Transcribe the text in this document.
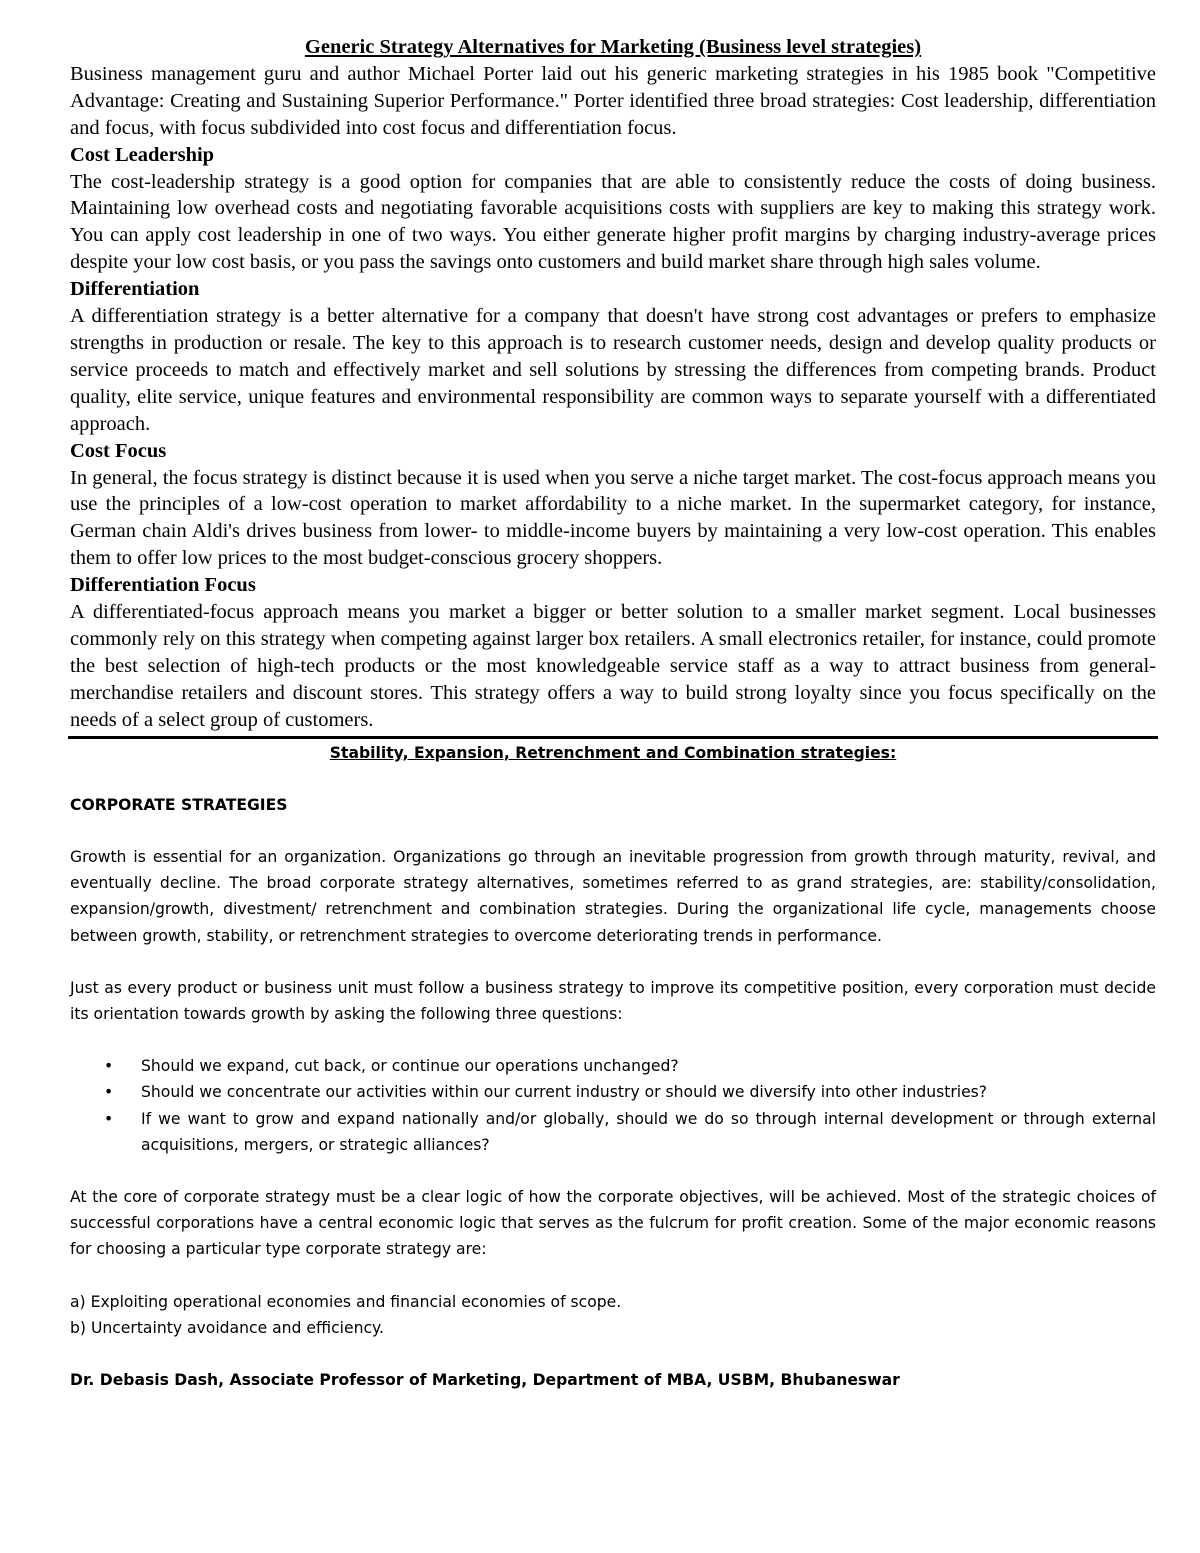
Generic Strategy Alternatives for Marketing (Business level strategies)

Business management guru and author Michael Porter laid out his generic marketing strategies in his 1985 book "Competitive Advantage: Creating and Sustaining Superior Performance." Porter identified three broad strategies: Cost leadership, differentiation and focus, with focus subdivided into cost focus and differentiation focus.

Cost Leadership

The cost-leadership strategy is a good option for companies that are able to consistently reduce the costs of doing business. Maintaining low overhead costs and negotiating favorable acquisitions costs with suppliers are key to making this strategy work. You can apply cost leadership in one of two ways. You either generate higher profit margins by charging industry-average prices despite your low cost basis, or you pass the savings onto customers and build market share through high sales volume.

Differentiation

A differentiation strategy is a better alternative for a company that doesn't have strong cost advantages or prefers to emphasize strengths in production or resale. The key to this approach is to research customer needs, design and develop quality products or service proceeds to match and effectively market and sell solutions by stressing the differences from competing brands. Product quality, elite service, unique features and environmental responsibility are common ways to separate yourself with a differentiated approach.

Cost Focus

In general, the focus strategy is distinct because it is used when you serve a niche target market. The cost-focus approach means you use the principles of a low-cost operation to market affordability to a niche market. In the supermarket category, for instance, German chain Aldi's drives business from lower- to middle-income buyers by maintaining a very low-cost operation. This enables them to offer low prices to the most budget-conscious grocery shoppers.

Differentiation Focus

A differentiated-focus approach means you market a bigger or better solution to a smaller market segment. Local businesses commonly rely on this strategy when competing against larger box retailers. A small electronics retailer, for instance, could promote the best selection of high-tech products or the most knowledgeable service staff as a way to attract business from general-merchandise retailers and discount stores. This strategy offers a way to build strong loyalty since you focus specifically on the needs of a select group of customers.

Stability, Expansion, Retrenchment and Combination strategies:

CORPORATE STRATEGIES

Growth is essential for an organization. Organizations go through an inevitable progression from growth through maturity, revival, and eventually decline. The broad corporate strategy alternatives, sometimes referred to as grand strategies, are: stability/consolidation, expansion/growth, divestment/ retrenchment and combination strategies. During the organizational life cycle, managements choose between growth, stability, or retrenchment strategies to overcome deteriorating trends in performance.

Just as every product or business unit must follow a business strategy to improve its competitive position, every corporation must decide its orientation towards growth by asking the following three questions:

• Should we expand, cut back, or continue our operations unchanged?
• Should we concentrate our activities within our current industry or should we diversify into other industries?
• If we want to grow and expand nationally and/or globally, should we do so through internal development or through external acquisitions, mergers, or strategic alliances?

At the core of corporate strategy must be a clear logic of how the corporate objectives, will be achieved. Most of the strategic choices of successful corporations have a central economic logic that serves as the fulcrum for profit creation. Some of the major economic reasons for choosing a particular type corporate strategy are:

a) Exploiting operational economies and financial economies of scope.

b) Uncertainty avoidance and efficiency.

Dr. Debasis Dash, Associate Professor of Marketing, Department of MBA, USBM, Bhubaneswar
